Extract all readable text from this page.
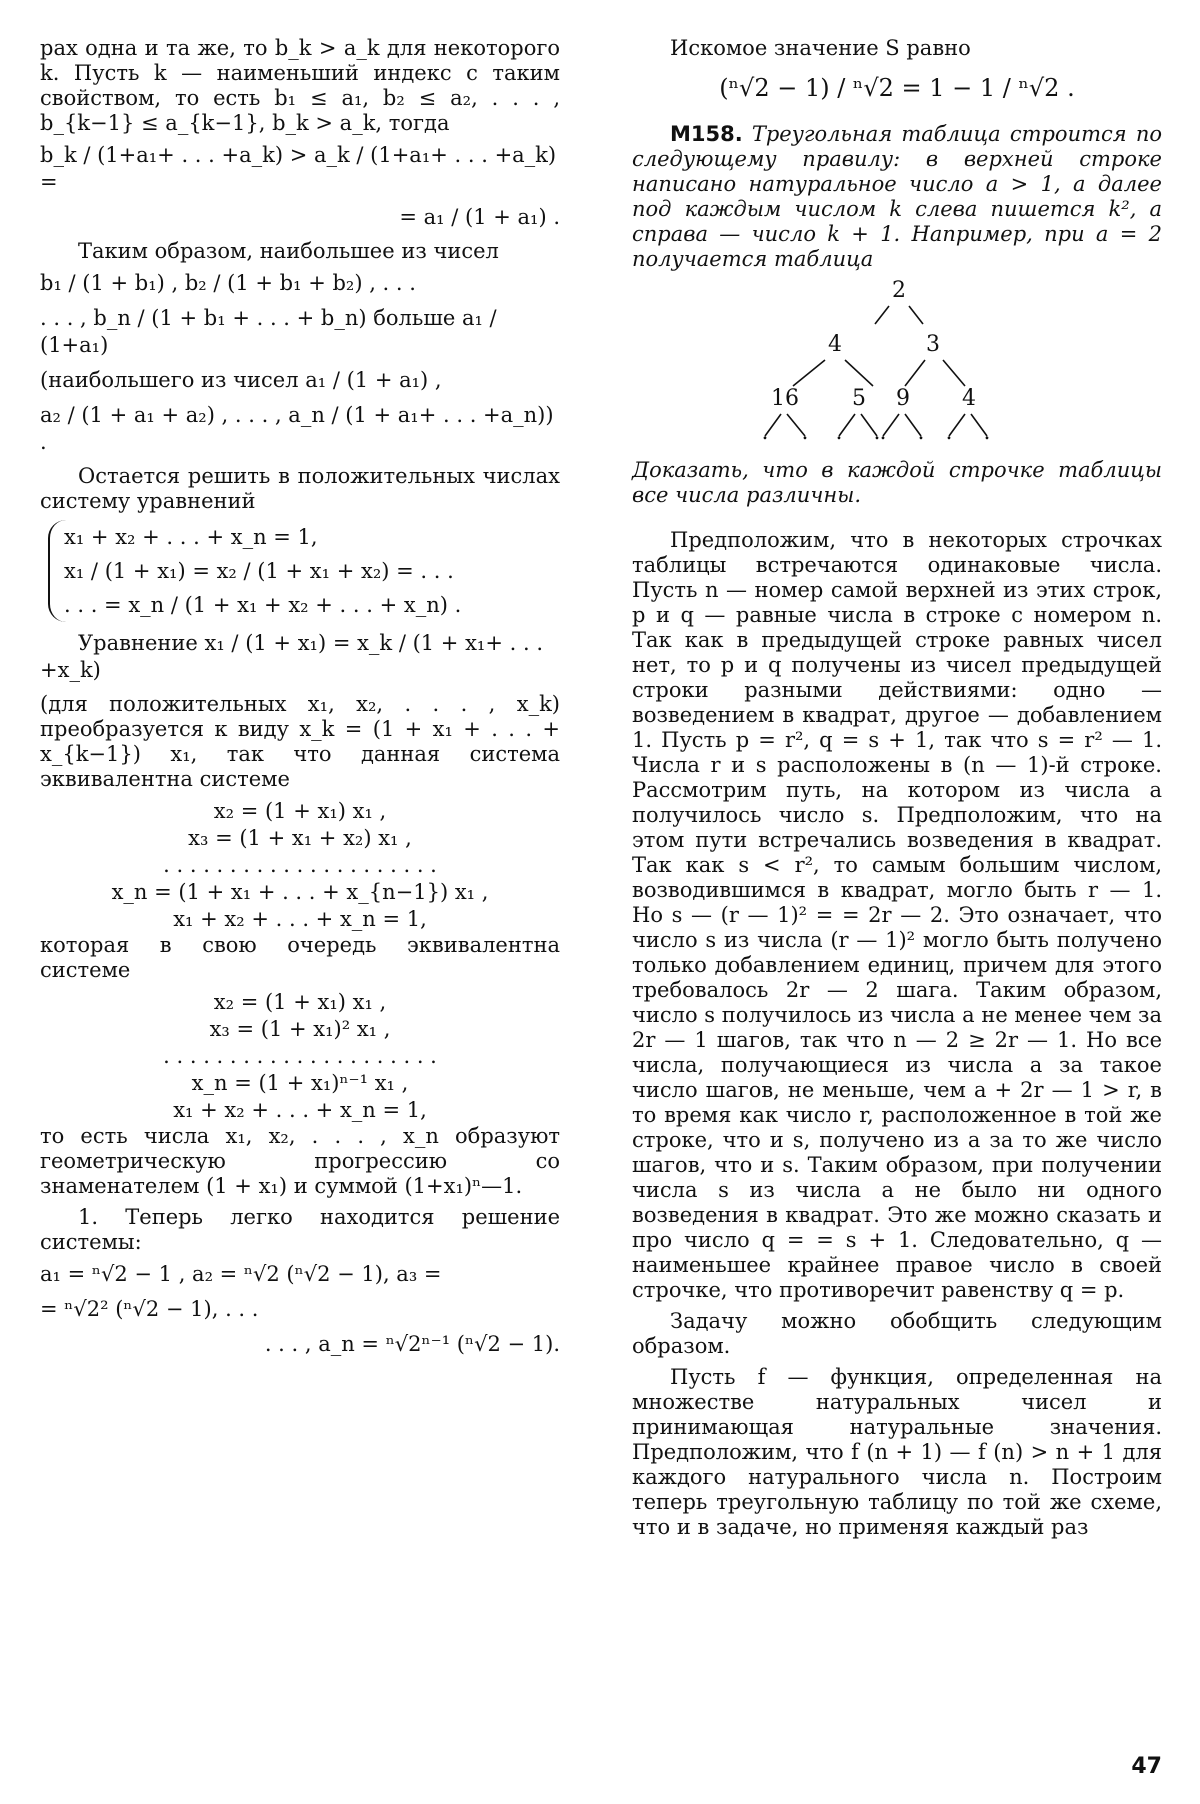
рах одна и та же, то b_k > a_k для некоторого k. Пусть k — наименьший индекс с таким свойством, то есть b₁ ≤ a₁, b₂ ≤ a₂, . . . , b_{k−1} ≤ a_{k−1}, b_k > a_k, тогда

b_k / (1+a₁+ . . . +a_k) > a_k / (1+a₁+ . . . +a_k) =
= a₁ / (1 + a₁) .

Таким образом, наибольшее из чисел

b₁ / (1 + b₁) , b₂ / (1 + b₁ + b₂) , . . .
. . . , b_n / (1 + b₁ + . . . + b_n) больше a₁ / (1+a₁)
(наибольшего из чисел a₁ / (1 + a₁) ,
a₂ / (1 + a₁ + a₂) , . . . , a_n / (1 + a₁+ . . . +a_n)) .

Остается решить в положительных числах систему уравнений

x₁ + x₂ + . . . + x_n = 1,
x₁ / (1 + x₁) = x₂ / (1 + x₁ + x₂) = . . .
. . . = x_n / (1 + x₁ + x₂ + . . . + x_n) .
Уравнение x₁ / (1 + x₁) = x_k / (1 + x₁+ . . . +x_k)

(для положительных x₁, x₂, . . . , x_k) преобразуется к виду x_k = (1 + x₁ + . . . + x_{k−1}) x₁, так что данная система эквивалентна системе

x₂ = (1 + x₁) x₁ ,
x₃ = (1 + x₁ + x₂) x₁ ,
. . . . . . . . . . . . . . . . . . . . .
x_n = (1 + x₁ + . . . + x_{n−1}) x₁ ,
x₁ + x₂ + . . . + x_n = 1,

которая в свою очередь эквивалентна системе

x₂ = (1 + x₁) x₁ ,
x₃ = (1 + x₁)² x₁ ,
. . . . . . . . . . . . . . . . . . . . .
x_n = (1 + x₁)ⁿ⁻¹ x₁ ,
x₁ + x₂ + . . . + x_n = 1,

то есть числа x₁, x₂, . . . , x_n образуют геометрическую прогрессию со знаменателем (1 + x₁) и суммой (1+x₁)ⁿ—1.

1. Теперь легко находится решение системы:

a₁ = ⁿ√2 − 1 , a₂ = ⁿ√2 (ⁿ√2 − 1), a₃ =
= ⁿ√2² (ⁿ√2 − 1), . . .
. . . , a_n = ⁿ√2ⁿ⁻¹ (ⁿ√2 − 1).

Искомое значение S равно

(ⁿ√2 − 1) / ⁿ√2 = 1 − 1 / ⁿ√2 .

М158. Треугольная таблица строится по следующему правилу: в верхней строке написано натуральное число a > 1, а далее под каждым числом k слева пишется k², а справа — число k + 1. Например, при a = 2 получается таблица

2
4	3
16	5	9	4
.	.	.	. .	. .	.

Доказать, что в каждой строчке таблицы все числа различны.

Предположим, что в некоторых строчках таблицы встречаются одинаковые числа. Пусть n — номер самой верхней из этих строк, p и q — равные числа в строке с номером n. Так как в предыдущей строке равных чисел нет, то p и q получены из чисел предыдущей строки разными действиями: одно — возведением в квадрат, другое — добавлением 1. Пусть p = r², q = s + 1, так что s = r² — 1. Числа r и s расположены в (n — 1)-й строке. Рассмотрим путь, на котором из числа a получилось число s. Предположим, что на этом пути встречались возведения в квадрат. Так как s < r², то самым большим числом, возводившимся в квадрат, могло быть r — 1. Но s — (r — 1)² = = 2r — 2. Это означает, что число s из числа (r — 1)² могло быть получено только добавлением единиц, причем для этого требовалось 2r — 2 шага. Таким образом, число s получилось из числа a не менее чем за 2r — 1 шагов, так что n — 2 ≥ 2r — 1. Но все числа, получающиеся из числа a за такое число шагов, не меньше, чем a + 2r — 1 > r, в то время как число r, расположенное в той же строке, что и s, получено из a за то же число шагов, что и s. Таким образом, при получении числа s из числа a не было ни одного возведения в квадрат. Это же можно сказать и про число q = = s + 1. Следовательно, q — наименьшее крайнее правое число в своей строчке, что противоречит равенству q = p.

Задачу можно обобщить следующим образом.

Пусть f — функция, определенная на множестве натуральных чисел и принимающая натуральные значения. Предположим, что f (n + 1) — f (n) > n + 1 для каждого натурального числа n. Построим теперь треугольную таблицу по той же схеме, что и в задаче, но применяя каждый раз

47
